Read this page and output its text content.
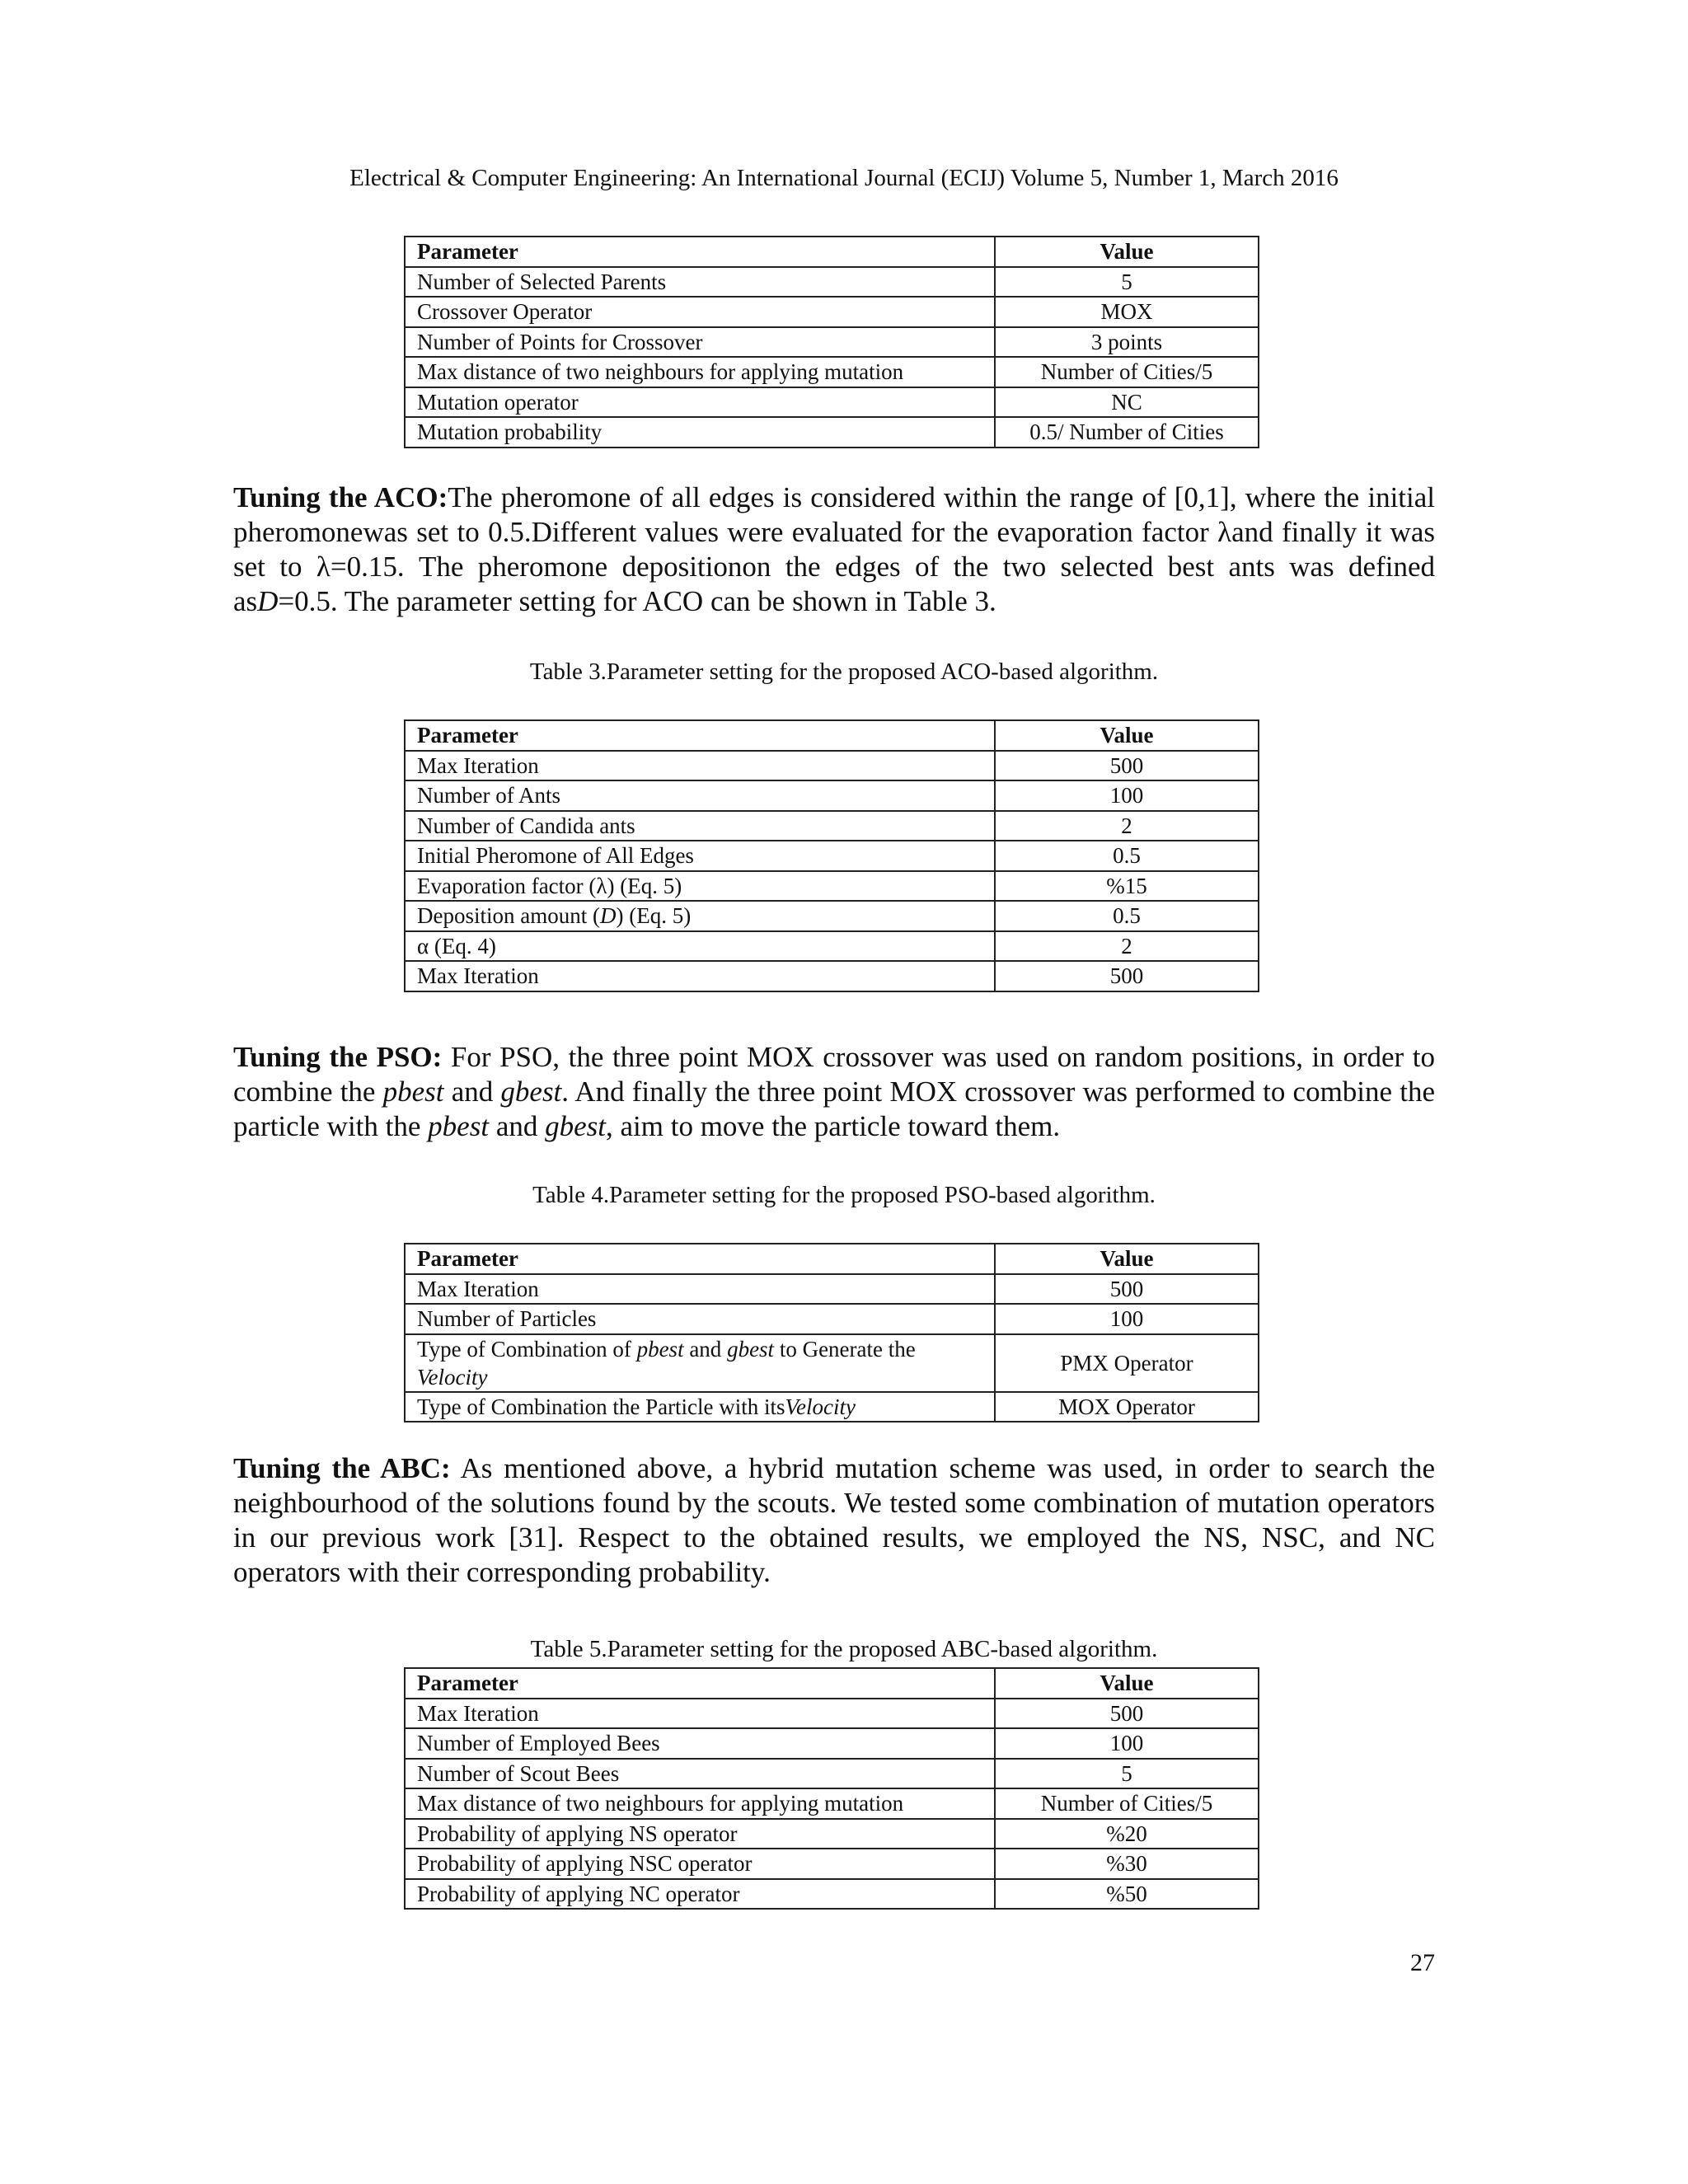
Electrical & Computer Engineering: An International Journal (ECIJ) Volume 5, Number 1, March 2016
Parameter	Value
Number of Selected Parents	5
Crossover Operator	MOX
Number of Points for Crossover	3 points
Max distance of two neighbours for applying mutation	Number of Cities/5
Mutation operator	NC
Mutation probability	0.5/ Number of Cities

Tuning the ACO:The pheromone of all edges is considered within the range of [0,1], where the initial pheromonewas set to 0.5.Different values were evaluated for the evaporation factor λand finally it was set to λ=0.15. The pheromone depositionon the edges of the two selected best ants was defined asD=0.5. The parameter setting for ACO can be shown in Table 3.

Table 3.Parameter setting for the proposed ACO-based algorithm.
Parameter	Value
Max Iteration	500
Number of Ants	100
Number of Candida ants	2
Initial Pheromone of All Edges	0.5
Evaporation factor (λ) (Eq. 5)	%15
Deposition amount (D) (Eq. 5)	0.5
α (Eq. 4)	2
Max Iteration	500

Tuning the PSO: For PSO, the three point MOX crossover was used on random positions, in order to combine the pbest and gbest. And finally the three point MOX crossover was performed to combine the particle with the pbest and gbest, aim to move the particle toward them.

Table 4.Parameter setting for the proposed PSO-based algorithm.
Parameter	Value
Max Iteration	500
Number of Particles	100
Type of Combination of pbest and gbest to Generate the Velocity	PMX Operator
Type of Combination the Particle with itsVelocity	MOX Operator

Tuning the ABC: As mentioned above, a hybrid mutation scheme was used, in order to search the neighbourhood of the solutions found by the scouts. We tested some combination of mutation operators in our previous work [31]. Respect to the obtained results, we employed the NS, NSC, and NC operators with their corresponding probability.

Table 5.Parameter setting for the proposed ABC-based algorithm.
Parameter	Value
Max Iteration	500
Number of Employed Bees	100
Number of Scout Bees	5
Max distance of two neighbours for applying mutation	Number of Cities/5
Probability of applying NS operator	%20
Probability of applying NSC operator	%30
Probability of applying NC operator	%50
27
